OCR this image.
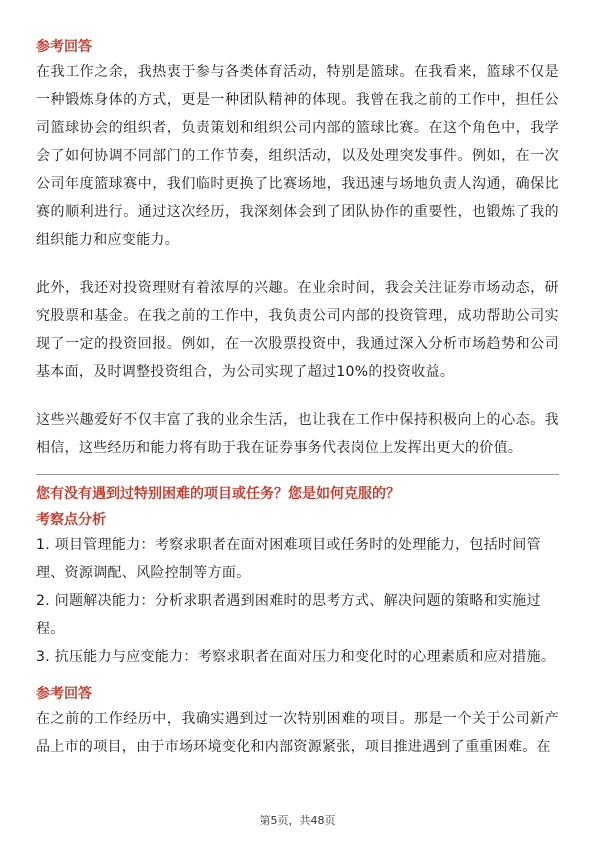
参考回答

在我工作之余，我热衷于参与各类体育活动，特别是篮球。在我看来，篮球不仅是一种锻炼身体的方式，更是一种团队精神的体现。我曾在我之前的工作中，担任公司篮球协会的组织者，负责策划和组织公司内部的篮球比赛。在这个角色中，我学会了如何协调不同部门的工作节奏，组织活动，以及处理突发事件。例如，在一次公司年度篮球赛中，我们临时更换了比赛场地，我迅速与场地负责人沟通，确保比赛的顺利进行。通过这次经历，我深刻体会到了团队协作的重要性，也锻炼了我的组织能力和应变能力。

此外，我还对投资理财有着浓厚的兴趣。在业余时间，我会关注证券市场动态，研究股票和基金。在我之前的工作中，我负责公司内部的投资管理，成功帮助公司实现了一定的投资回报。例如，在一次股票投资中，我通过深入分析市场趋势和公司基本面，及时调整投资组合，为公司实现了超过10%的投资收益。

这些兴趣爱好不仅丰富了我的业余生活，也让我在工作中保持积极向上的心态。我相信，这些经历和能力将有助于我在证券事务代表岗位上发挥出更大的价值。

您有没有遇到过特别困难的项目或任务？您是如何克服的？

考察点分析

1. 项目管理能力：考察求职者在面对困难项目或任务时的处理能力，包括时间管理、资源调配、风险控制等方面。

2. 问题解决能力：分析求职者遇到困难时的思考方式、解决问题的策略和实施过程。

3. 抗压能力与应变能力：考察求职者在面对压力和变化时的心理素质和应对措施。

参考回答

在之前的工作经历中，我确实遇到过一次特别困难的项目。那是一个关于公司新产品上市的项目，由于市场环境变化和内部资源紧张，项目推进遇到了重重困难。在

第5页，共48页
